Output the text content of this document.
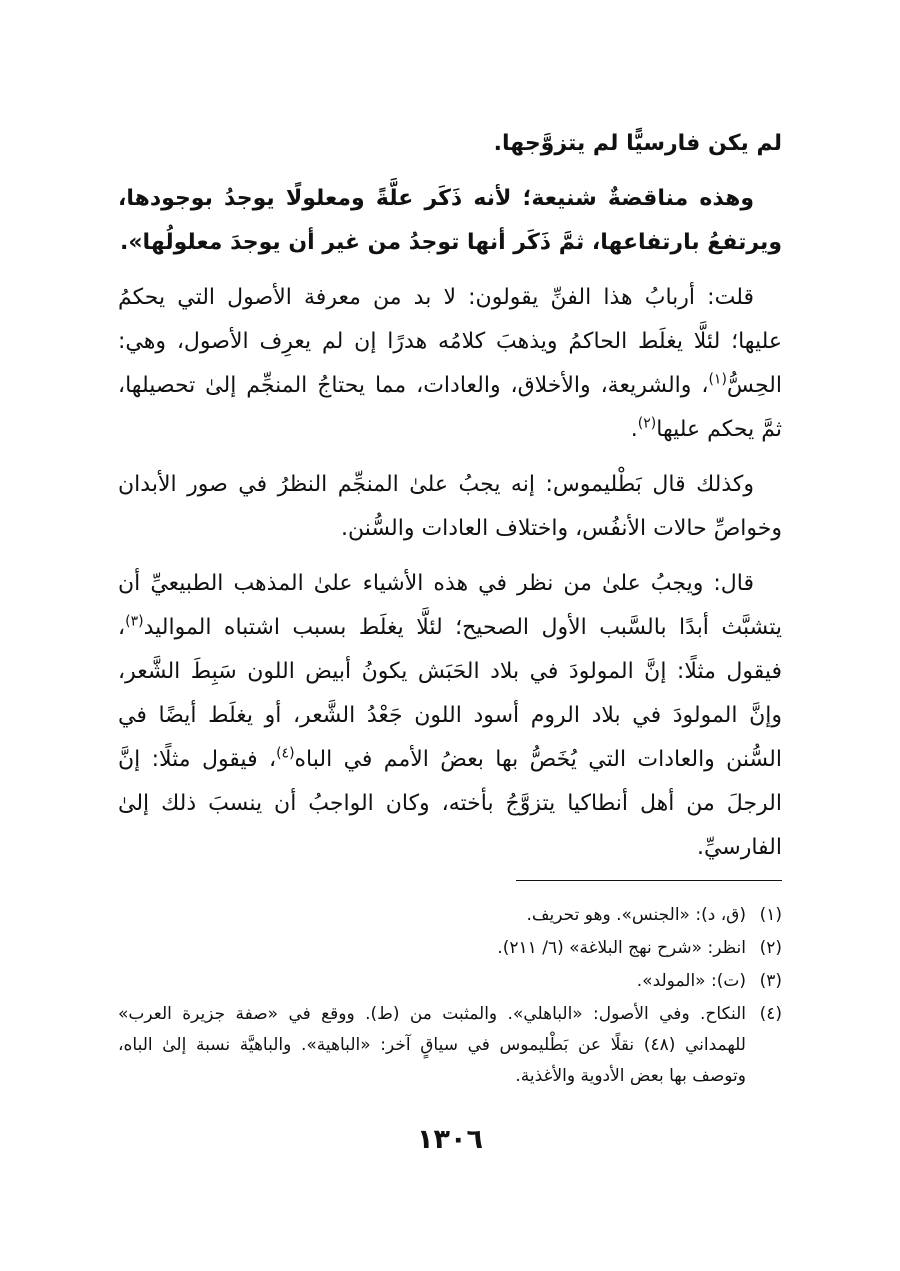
لم يكن فارسيًّا لم يتزوَّجها.

وهذه مناقضةٌ شنيعة؛ لأنه ذَكَر علَّةً ومعلولًا يوجدُ بوجودها، ويرتفعُ بارتفاعها، ثمَّ ذَكَر أنها توجدُ من غير أن يوجدَ معلولُها».

قلت: أربابُ هذا الفنِّ يقولون: لا بد من معرفة الأصول التي يحكمُ عليها؛ لئلَّا يغلَط الحاكمُ ويذهبَ كلامُه هدرًا إن لم يعرِف الأصول، وهي: الحِسُّ$^{(١)}$، والشريعة، والأخلاق، والعادات، مما يحتاجُ المنجِّم إلىٰ تحصيلها، ثمَّ يحكم عليها$^{(٢)}$.

وكذلك قال بَطْليموس: إنه يجبُ علىٰ المنجِّم النظرُ في صور الأبدان وخواصِّ حالات الأنفُس، واختلاف العادات والسُّنن.

قال: ويجبُ علىٰ من نظر في هذه الأشياء علىٰ المذهب الطبيعيِّ أن يتشبَّث أبدًا بالسَّبب الأول الصحيح؛ لئلَّا يغلَط بسبب اشتباه المواليد$^{(٣)}$، فيقول مثلًا: إنَّ المولودَ في بلاد الحَبَش يكونُ أبيض اللون سَبِطَ الشَّعر، وإنَّ المولودَ في بلاد الروم أسود اللون جَعْدُ الشَّعر، أو يغلَط أيضًا في السُّنن والعادات التي يُخَصُّ بها بعضُ الأمم في الباه$^{(٤)}$، فيقول مثلًا: إنَّ الرجلَ من أهل أنطاكيا يتزوَّجُ بأخته، وكان الواجبُ أن ينسبَ ذلك إلىٰ الفارسيِّ.

(١)
(ق، د): «الجنس». وهو تحريف.
(٢)
انظر: «شرح نهج البلاغة» (٦/ ٢١١).
(٣)
(ت): «المولد».
(٤)
النكاح. وفي الأصول: «الباهلي». والمثبت من (ط). ووقع في «صفة جزيرة العرب» للهمداني (٤٨) نقلًا عن بَطْليموس في سياقٍ آخر: «الباهية». والباهيَّة نسبة إلىٰ الباه، وتوصف بها بعض الأدوية والأغذية.
١٣٠٦
